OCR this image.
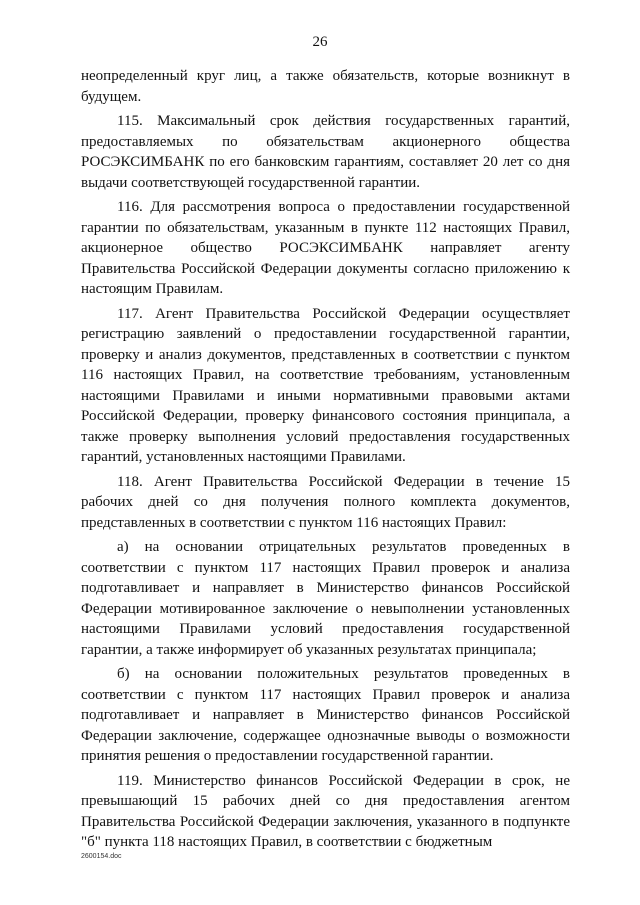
26

неопределенный круг лиц, а также обязательств, которые возникнут в будущем.

115. Максимальный срок действия государственных гарантий, предоставляемых по обязательствам акционерного общества РОСЭКСИМБАНК по его банковским гарантиям, составляет 20 лет со дня выдачи соответствующей государственной гарантии.

116. Для рассмотрения вопроса о предоставлении государственной гарантии по обязательствам, указанным в пункте 112 настоящих Правил, акционерное общество РОСЭКСИМБАНК направляет агенту Правительства Российской Федерации документы согласно приложению к настоящим Правилам.

117. Агент Правительства Российской Федерации осуществляет регистрацию заявлений о предоставлении государственной гарантии, проверку и анализ документов, представленных в соответствии с пунктом 116 настоящих Правил, на соответствие требованиям, установленным настоящими Правилами и иными нормативными правовыми актами Российской Федерации, проверку финансового состояния принципала, а также проверку выполнения условий предоставления государственных гарантий, установленных настоящими Правилами.

118. Агент Правительства Российской Федерации в течение 15 рабочих дней со дня получения полного комплекта документов, представленных в соответствии с пунктом 116 настоящих Правил:

а) на основании отрицательных результатов проведенных в соответствии с пунктом 117 настоящих Правил проверок и анализа подготавливает и направляет в Министерство финансов Российской Федерации мотивированное заключение о невыполнении установленных настоящими Правилами условий предоставления государственной гарантии, а также информирует об указанных результатах принципала;

б) на основании положительных результатов проведенных в соответствии с пунктом 117 настоящих Правил проверок и анализа подготавливает и направляет в Министерство финансов Российской Федерации заключение, содержащее однозначные выводы о возможности принятия решения о предоставлении государственной гарантии.

119. Министерство финансов Российской Федерации в срок, не превышающий 15 рабочих дней со дня предоставления агентом Правительства Российской Федерации заключения, указанного в подпункте "б" пункта 118 настоящих Правил, в соответствии с бюджетным

2600154.doc
